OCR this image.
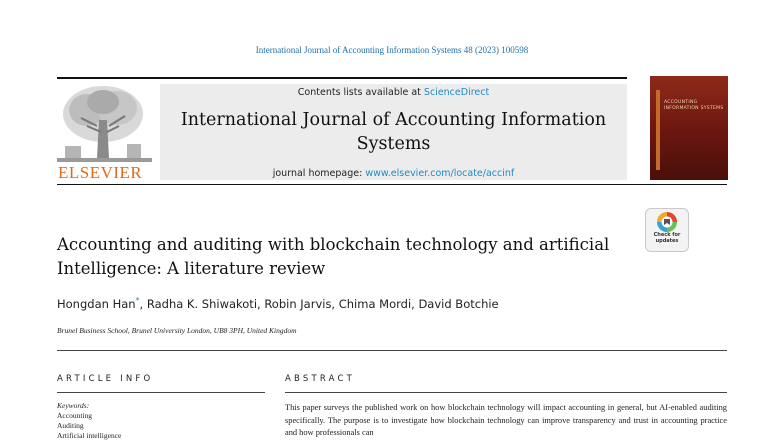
International Journal of Accounting Information Systems 48 (2023) 100598
ELSEVIER
Contents lists available at ScienceDirect
International Journal of Accounting Information Systems
journal homepage: www.elsevier.com/locate/accinf
ACCOUNTING INFORMATION SYSTEMS
Check for updates
Accounting and auditing with blockchain technology and artificial Intelligence: A literature review
Hongdan Han*, Radha K. Shiwakoti, Robin Jarvis, Chima Mordi, David Botchie
Brunel Business School, Brunel University London, UB8 3PH, United Kingdom
ARTICLE INFO	ABSTRACT
Keywords:
Accounting
Auditing
Artificial intelligence
This paper surveys the published work on how blockchain technology will impact accounting in general, but AI-enabled auditing specifically. The purpose is to investigate how blockchain technology can improve transparency and trust in accounting practice and how professionals can
